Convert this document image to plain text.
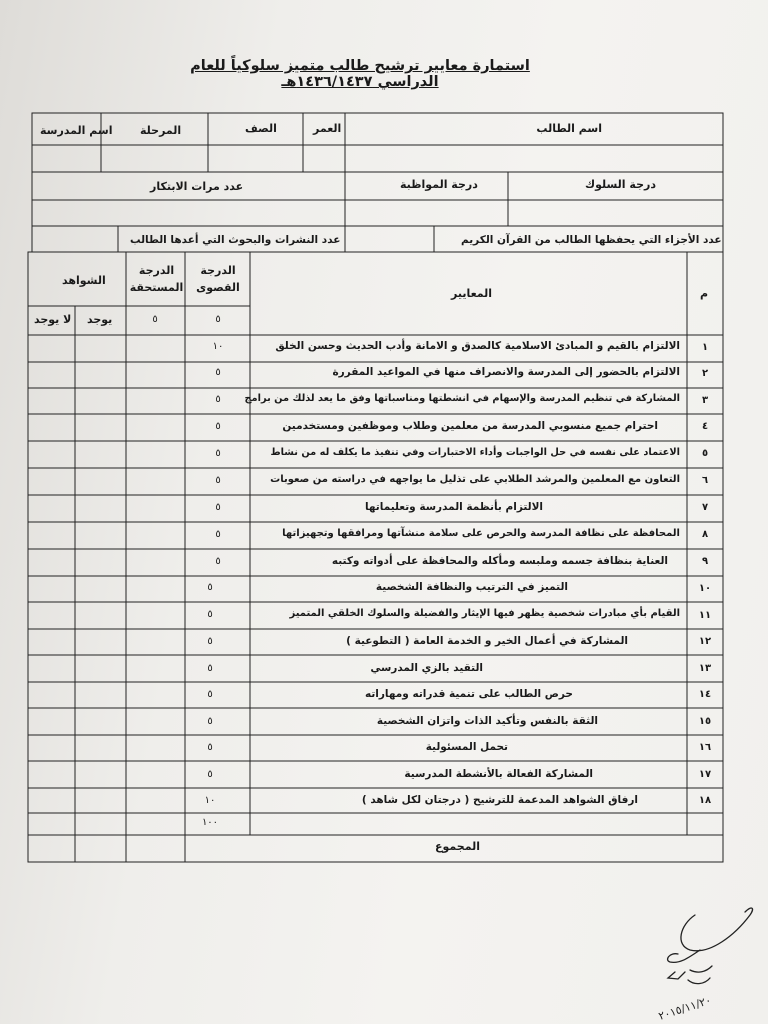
استمارة معايير ترشيح طالب متميز سلوكياً للعام الدراسي ١٤٣٦/١٤٣٧هـ
اسم الطالب
العمر
الصف
المرحلة
اسم المدرسة
درجة السلوك
درجة المواظبة
عدد مرات الابتكار
عدد الأجزاء التي يحفظها الطالب من القرآن الكريم
عدد النشرات والبحوث التي أعدها الطالب
م
المعايير
الدرجة القصوى
الدرجة المستحقة
الشواهد
٥
٥
يوجد
لا يوجد
١
الالتزام بالقيم و المبادئ الاسلامية كالصدق و الامانة وأدب الحديث وحسن الخلق
١٠
٢
الالتزام بالحضور إلى المدرسة والانصراف منها في المواعيد المقررة
٥
٣
المشاركة في تنظيم المدرسة والإسهام في انشطتها ومناسباتها وفق ما يعد لذلك من برامج
٥
٤
احترام جميع منسوبي المدرسة من معلمين وطلاب وموظفين ومستخدمين
٥
٥
الاعتماد على نفسه في حل الواجبات وأداء الاختبارات وفي تنفيذ ما يكلف له من نشاط
٥
٦
التعاون مع المعلمين والمرشد الطلابي على تذليل ما يواجهه في دراسته من صعوبات
٥
٧
الالتزام بأنظمة المدرسة وتعليماتها
٥
٨
المحافظة على نظافة المدرسة والحرص على سلامة منشآتها ومرافقها وتجهيزاتها
٥
٩
العناية بنظافة جسمه وملبسه ومأكله والمحافظة على أدواته وكتبه
٥
١٠
التميز في الترتيب والنظافة الشخصية
٥
١١
القيام بأي مبادرات شخصية يظهر فيها الإيثار والفضيلة والسلوك الخلقي المتميز
٥
١٢
المشاركة في أعمال الخير و الخدمة العامة ( التطوعية )
٥
١٣
التقيد بالزي المدرسي
٥
١٤
حرص الطالب على تنمية قدراته ومهاراته
٥
١٥
الثقة بالنفس وتأكيد الذات واتزان الشخصية
٥
١٦
تحمل المسئولية
٥
١٧
المشاركة الفعالة بالأنشطة المدرسية
٥
١٨
ارفاق الشواهد المدعمة للترشيح ( درجتان لكل شاهد )
١٠
١٠٠
المجموع
٢٠١٥/١١/٢٠
